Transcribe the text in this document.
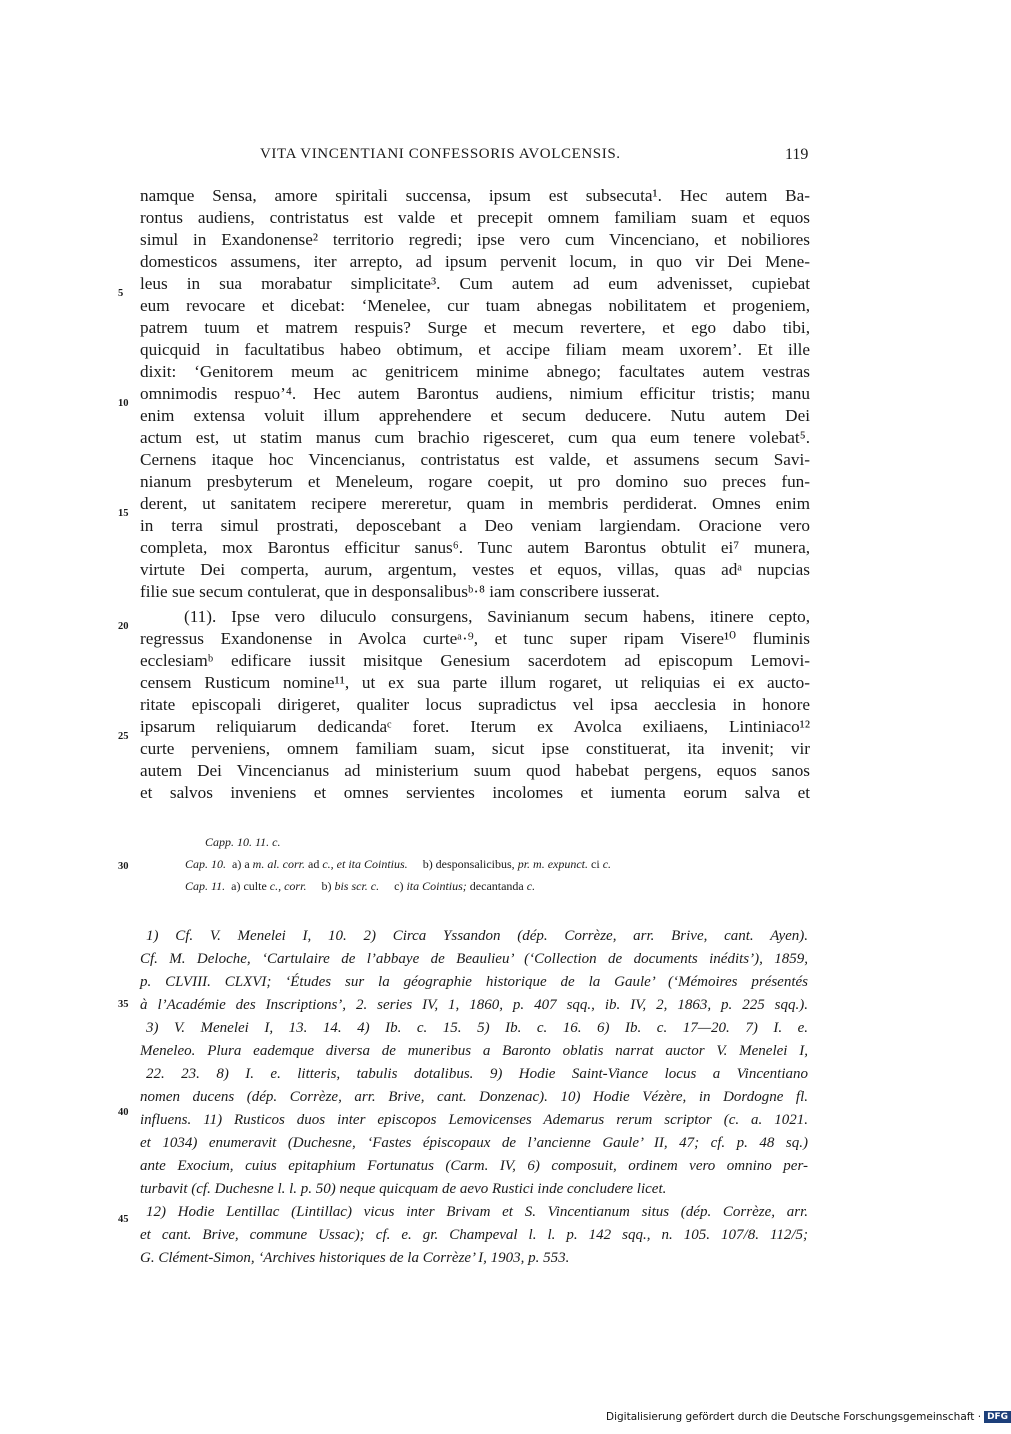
VITA VINCENTIANI CONFESSORIS AVOLCENSIS.	119
namque Sensa, amore spiritali succensa, ipsum est subsecuta¹. Hec autem Ba-
rontus audiens, contristatus est valde et precepit omnem familiam suam et equos
simul in Exandonense² territorio regredi; ipse vero cum Vincenciano, et nobiliores
domesticos assumens, iter arrepto, ad ipsum pervenit locum, in quo vir Dei Mene-
leus in sua morabatur simplicitate³. Cum autem ad eum advenisset, cupiebat
eum revocare et dicebat: ‘Menelee, cur tuam abnegas nobilitatem et progeniem,
patrem tuum et matrem respuis? Surge et mecum revertere, et ego dabo tibi,
quicquid in facultatibus habeo obtimum, et accipe filiam meam uxorem’. Et ille
dixit: ‘Genitorem meum ac genitricem minime abnego; facultates autem vestras
omnimodis respuo’⁴. Hec autem Barontus audiens, nimium efficitur tristis; manu
enim extensa voluit illum apprehendere et secum deducere. Nutu autem Dei
actum est, ut statim manus cum brachio rigesceret, cum qua eum tenere volebat⁵.
Cernens itaque hoc Vincencianus, contristatus est valde, et assumens secum Savi-
nianum presbyterum et Meneleum, rogare coepit, ut pro domino suo preces fun-
derent, ut sanitatem recipere mereretur, quam in membris perdiderat. Omnes enim
in terra simul prostrati, deposcebant a Deo veniam largiendam. Oracione vero
completa, mox Barontus efficitur sanus⁶. Tunc autem Barontus obtulit ei⁷ munera,
virtute Dei comperta, aurum, argentum, vestes et equos, villas, quas adᵃ nupcias
filie sue secum contulerat, que in desponsalibusᵇ·⁸ iam conscribere iusserat.
(11). Ipse vero diluculo consurgens, Savinianum secum habens, itinere cepto,
regressus Exandonense in Avolca curteᵃ·⁹, et tunc super ripam Visere¹⁰ fluminis
ecclesiamᵇ edificare iussit misitque Genesium sacerdotem ad episcopum Lemovi-
censem Rusticum nomine¹¹, ut ex sua parte illum rogaret, ut reliquias ei ex aucto-
ritate episcopali dirigeret, qualiter locus supradictus vel ipsa aecclesia in honore
ipsarum reliquiarum dedicandaᶜ foret. Iterum ex Avolca exiliaens, Lintiniaco¹²
curte perveniens, omnem familiam suam, sicut ipse constituerat, ita invenit; vir
autem Dei Vincencianus ad ministerium suum quod habebat pergens, equos sanos
et salvos inveniens et omnes servientes incolomes et iumenta eorum salva et
5
10
15
20
25
30
35
40
45
Capp. 10. 11. c.
Cap. 10. a) a m. al. corr. ad c., et ita Cointius. b) desponsalicibus, pr. m. expunct. ci c.
Cap. 11. a) culte c., corr. b) bis scr. c. c) ita Cointius; decantanda c.
1) Cf. V. Menelei I, 10. 2) Circa Yssandon (dép. Corrèze, arr. Brive, cant. Ayen).
Cf. M. Deloche, ‘Cartulaire de l’abbaye de Beaulieu’ (‘Collection de documents inédits’), 1859,
p. CLVIII. CLXVI; ‘Études sur la géographie historique de la Gaule’ (‘Mémoires présentés
à l’Académie des Inscriptions’, 2. series IV, 1, 1860, p. 407 sqq., ib. IV, 2, 1863, p. 225 sqq.).
3) V. Menelei I, 13. 14. 4) Ib. c. 15. 5) Ib. c. 16. 6) Ib. c. 17—20. 7) I. e.
Meneleo. Plura eademque diversa de muneribus a Baronto oblatis narrat auctor V. Menelei I,
22. 23. 8) I. e. litteris, tabulis dotalibus. 9) Hodie Saint-Viance locus a Vincentiano
nomen ducens (dép. Corrèze, arr. Brive, cant. Donzenac). 10) Hodie Vézère, in Dordogne fl.
influens. 11) Rusticos duos inter episcopos Lemovicenses Ademarus rerum scriptor (c. a. 1021.
et 1034) enumeravit (Duchesne, ‘Fastes épiscopaux de l’ancienne Gaule’ II, 47; cf. p. 48 sq.)
ante Exocium, cuius epitaphium Fortunatus (Carm. IV, 6) composuit, ordinem vero omnino per-
turbavit (cf. Duchesne l. l. p. 50) neque quicquam de aevo Rustici inde concludere licet.
12) Hodie Lentillac (Lintillac) vicus inter Brivam et S. Vincentianum situs (dép. Corrèze, arr.
et cant. Brive, commune Ussac); cf. e. gr. Champeval l. l. p. 142 sqq., n. 105. 107/8. 112/5;
G. Clément-Simon, ‘Archives historiques de la Corrèze’ I, 1903, p. 553.
Digitalisierung gefördert durch die Deutsche Forschungsgemeinschaft · DFG
